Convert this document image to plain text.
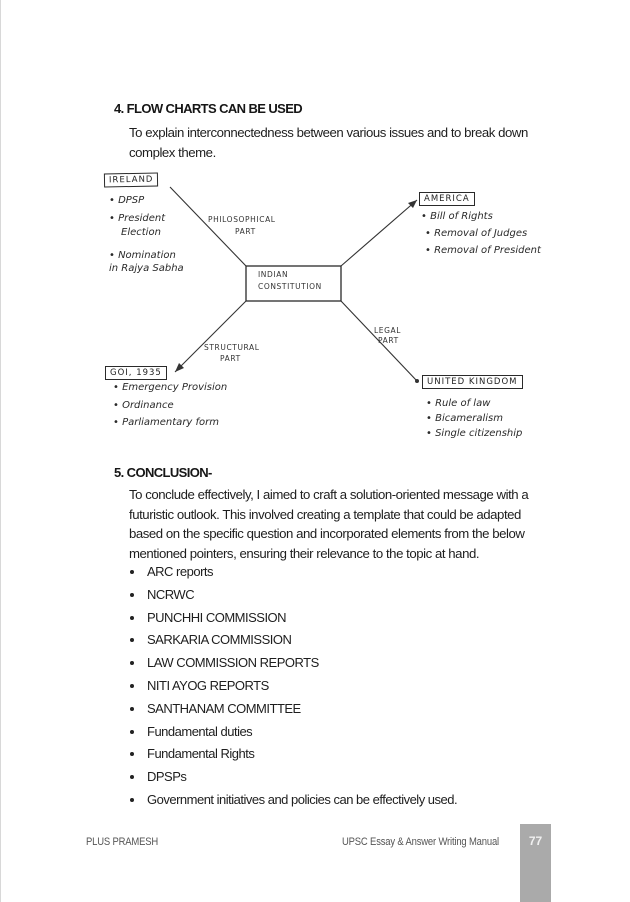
4. FLOW CHARTS CAN BE USED
To explain interconnectedness between various issues and to break down
complex theme.
INDIAN
CONSTITUTION
IRELAND
• DPSP
• President
Election
• Nomination
in Rajya Sabha
PHILOSOPHICAL
PART
AMERICA
• Bill of Rights
• Removal of Judges
• Removal of President
LEGAL
PART
GOI, 1935
• Emergency Provision
• Ordinance
• Parliamentary form
STRUCTURAL
PART
UNITED KINGDOM
• Rule of law
• Bicameralism
• Single citizenship
5. CONCLUSION-
To conclude effectively, I aimed to craft a solution-oriented message with a
futuristic outlook. This involved creating a template that could be adapted
based on the specific question and incorporated elements from the below
mentioned pointers, ensuring their relevance to the topic at hand.
ARC reports
NCRWC
PUNCHHI COMMISSION
SARKARIA COMMISSION
LAW COMMISSION REPORTS
NITI AYOG REPORTS
SANTHANAM COMMITTEE
Fundamental duties
Fundamental Rights
DPSPs
Government initiatives and policies can be effectively used.
PLUS PRAMESH	UPSC Essay & Answer Writing Manual	77
